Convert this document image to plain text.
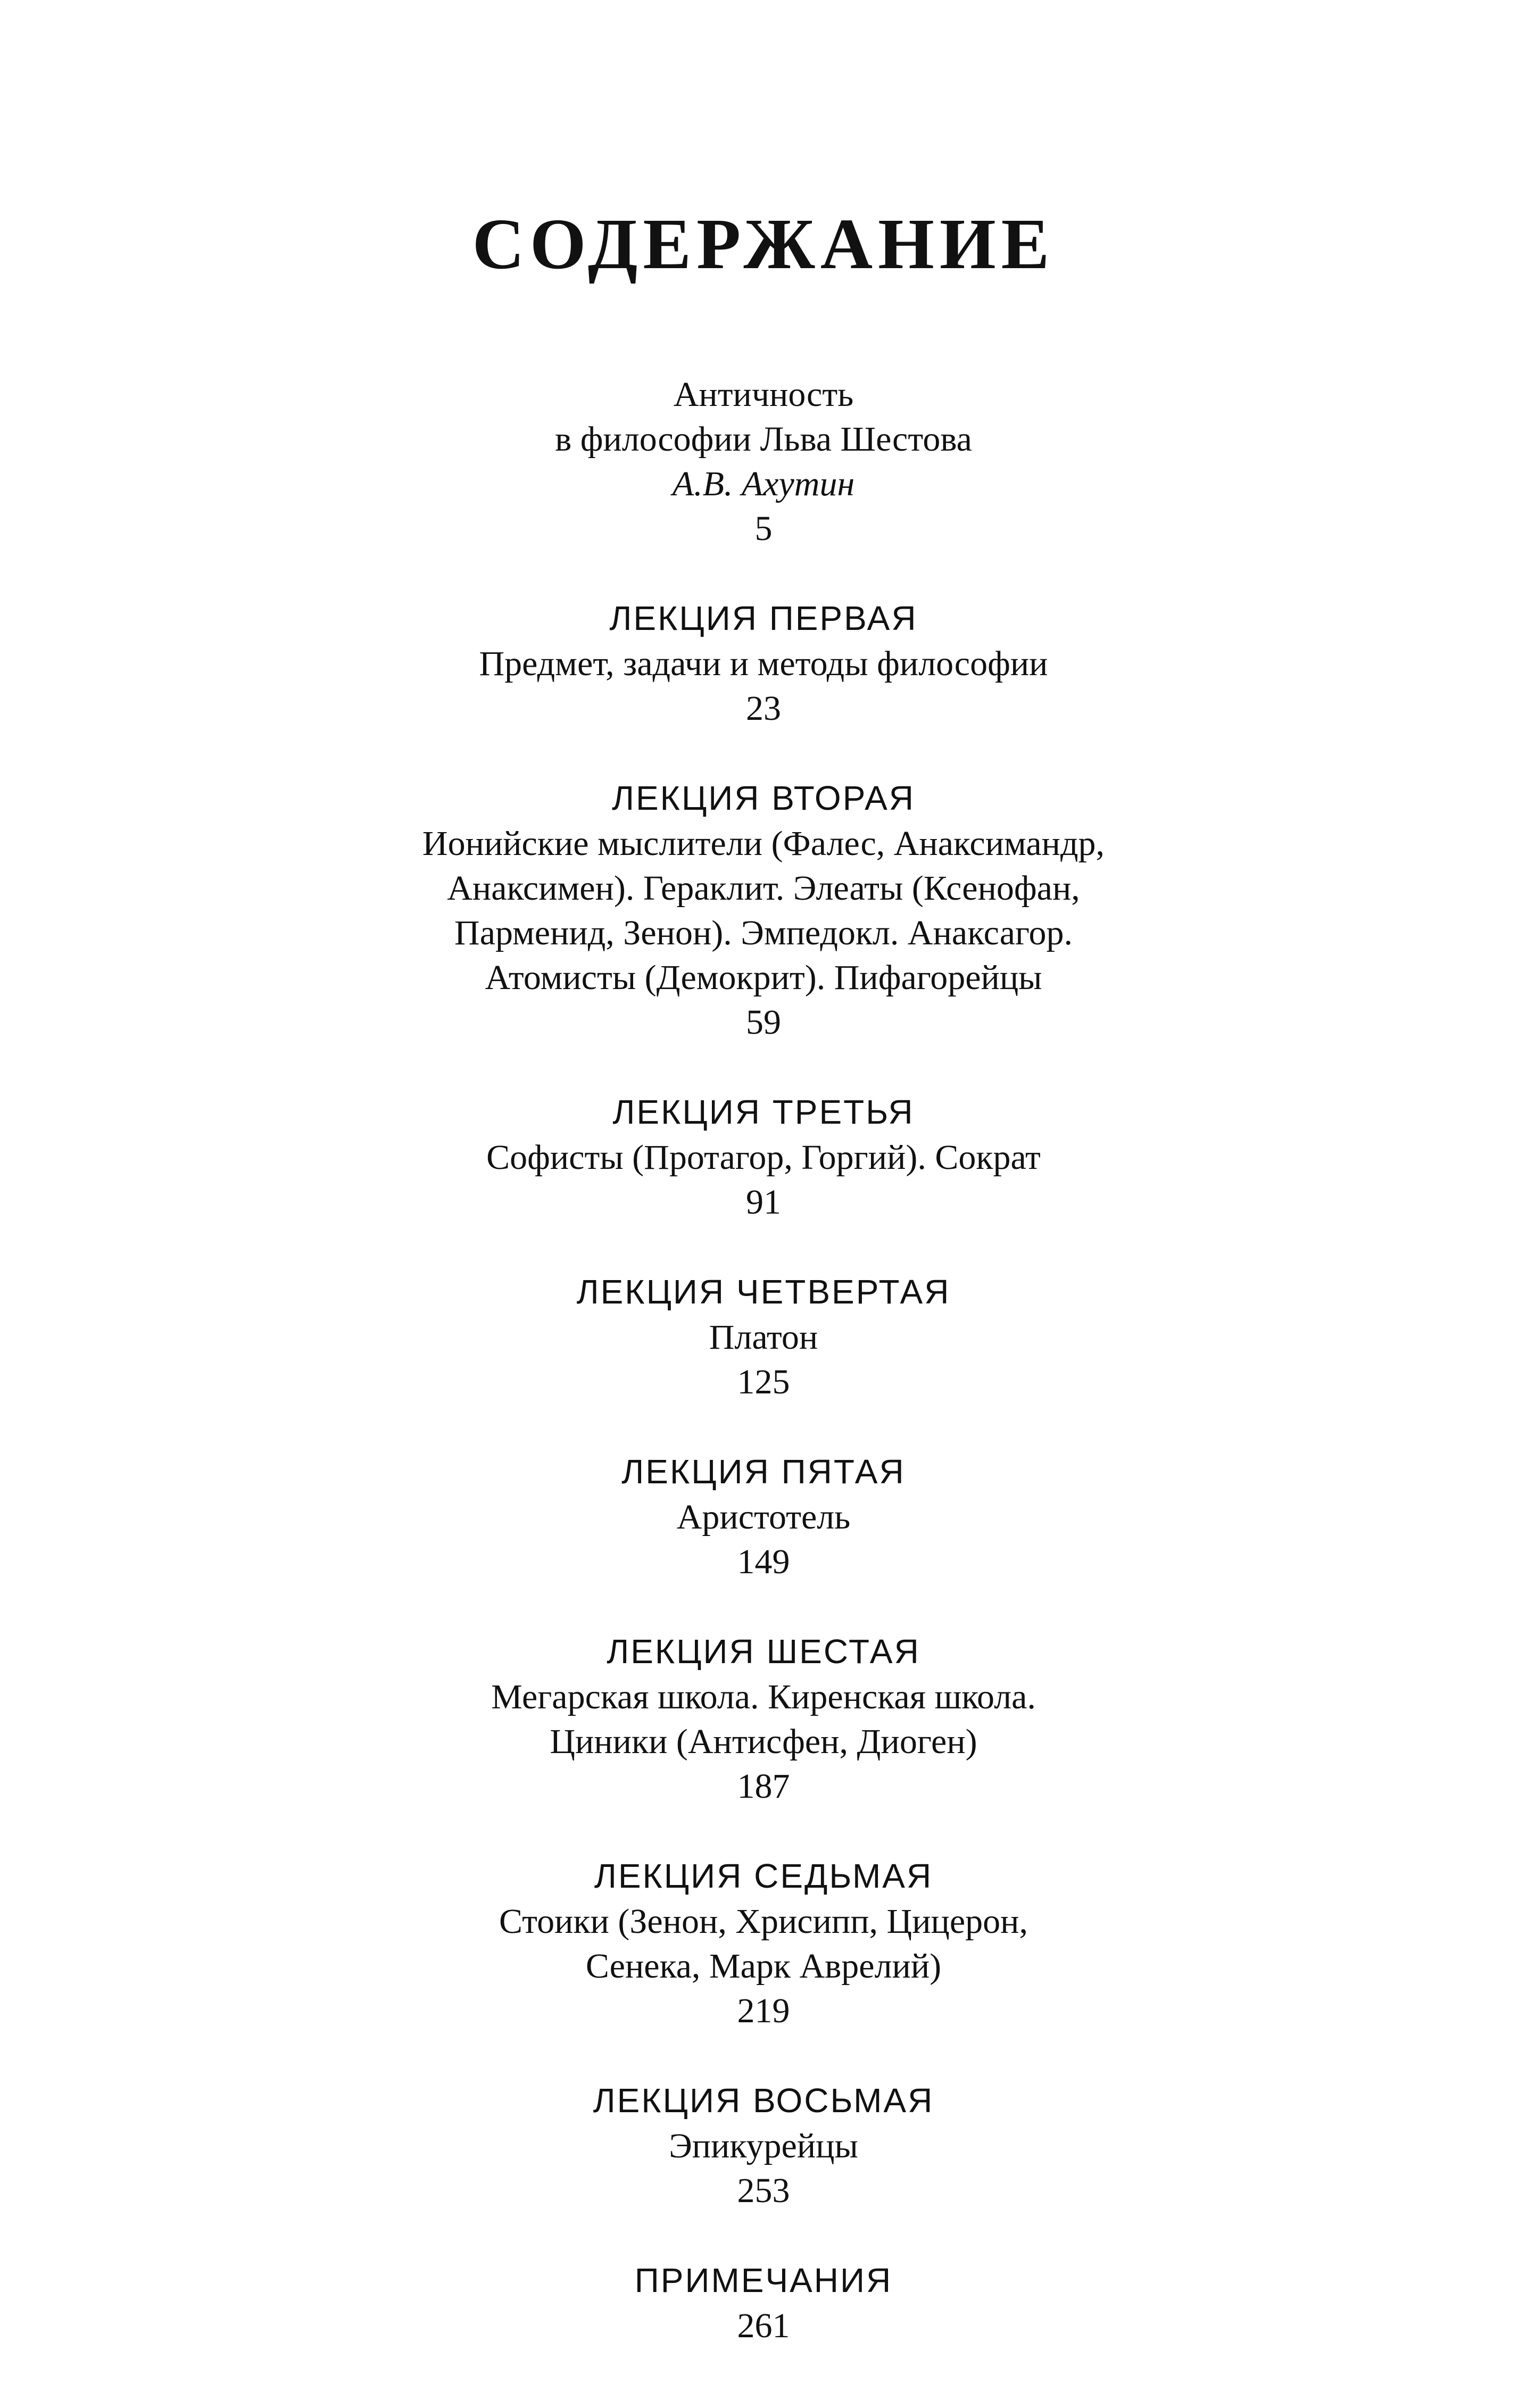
СОДЕРЖАНИЕ
Античность
в философии Льва Шестова
А.В. Ахутин
5
ЛЕКЦИЯ ПЕРВАЯ
Предмет, задачи и методы философии
23
ЛЕКЦИЯ ВТОРАЯ
Ионийские мыслители (Фалес, Анаксимандр,
Анаксимен). Гераклит. Элеаты (Ксенофан,
Парменид, Зенон). Эмпедокл. Анаксагор.
Атомисты (Демокрит). Пифагорейцы
59
ЛЕКЦИЯ ТРЕТЬЯ
Софисты (Протагор, Горгий). Сократ
91
ЛЕКЦИЯ ЧЕТВЕРТАЯ
Платон
125
ЛЕКЦИЯ ПЯТАЯ
Аристотель
149
ЛЕКЦИЯ ШЕСТАЯ
Мегарская школа. Киренская школа.
Циники (Антисфен, Диоген)
187
ЛЕКЦИЯ СЕДЬМАЯ
Стоики (Зенон, Хрисипп, Цицерон,
Сенека, Марк Аврелий)
219
ЛЕКЦИЯ ВОСЬМАЯ
Эпикурейцы
253
ПРИМЕЧАНИЯ
261
